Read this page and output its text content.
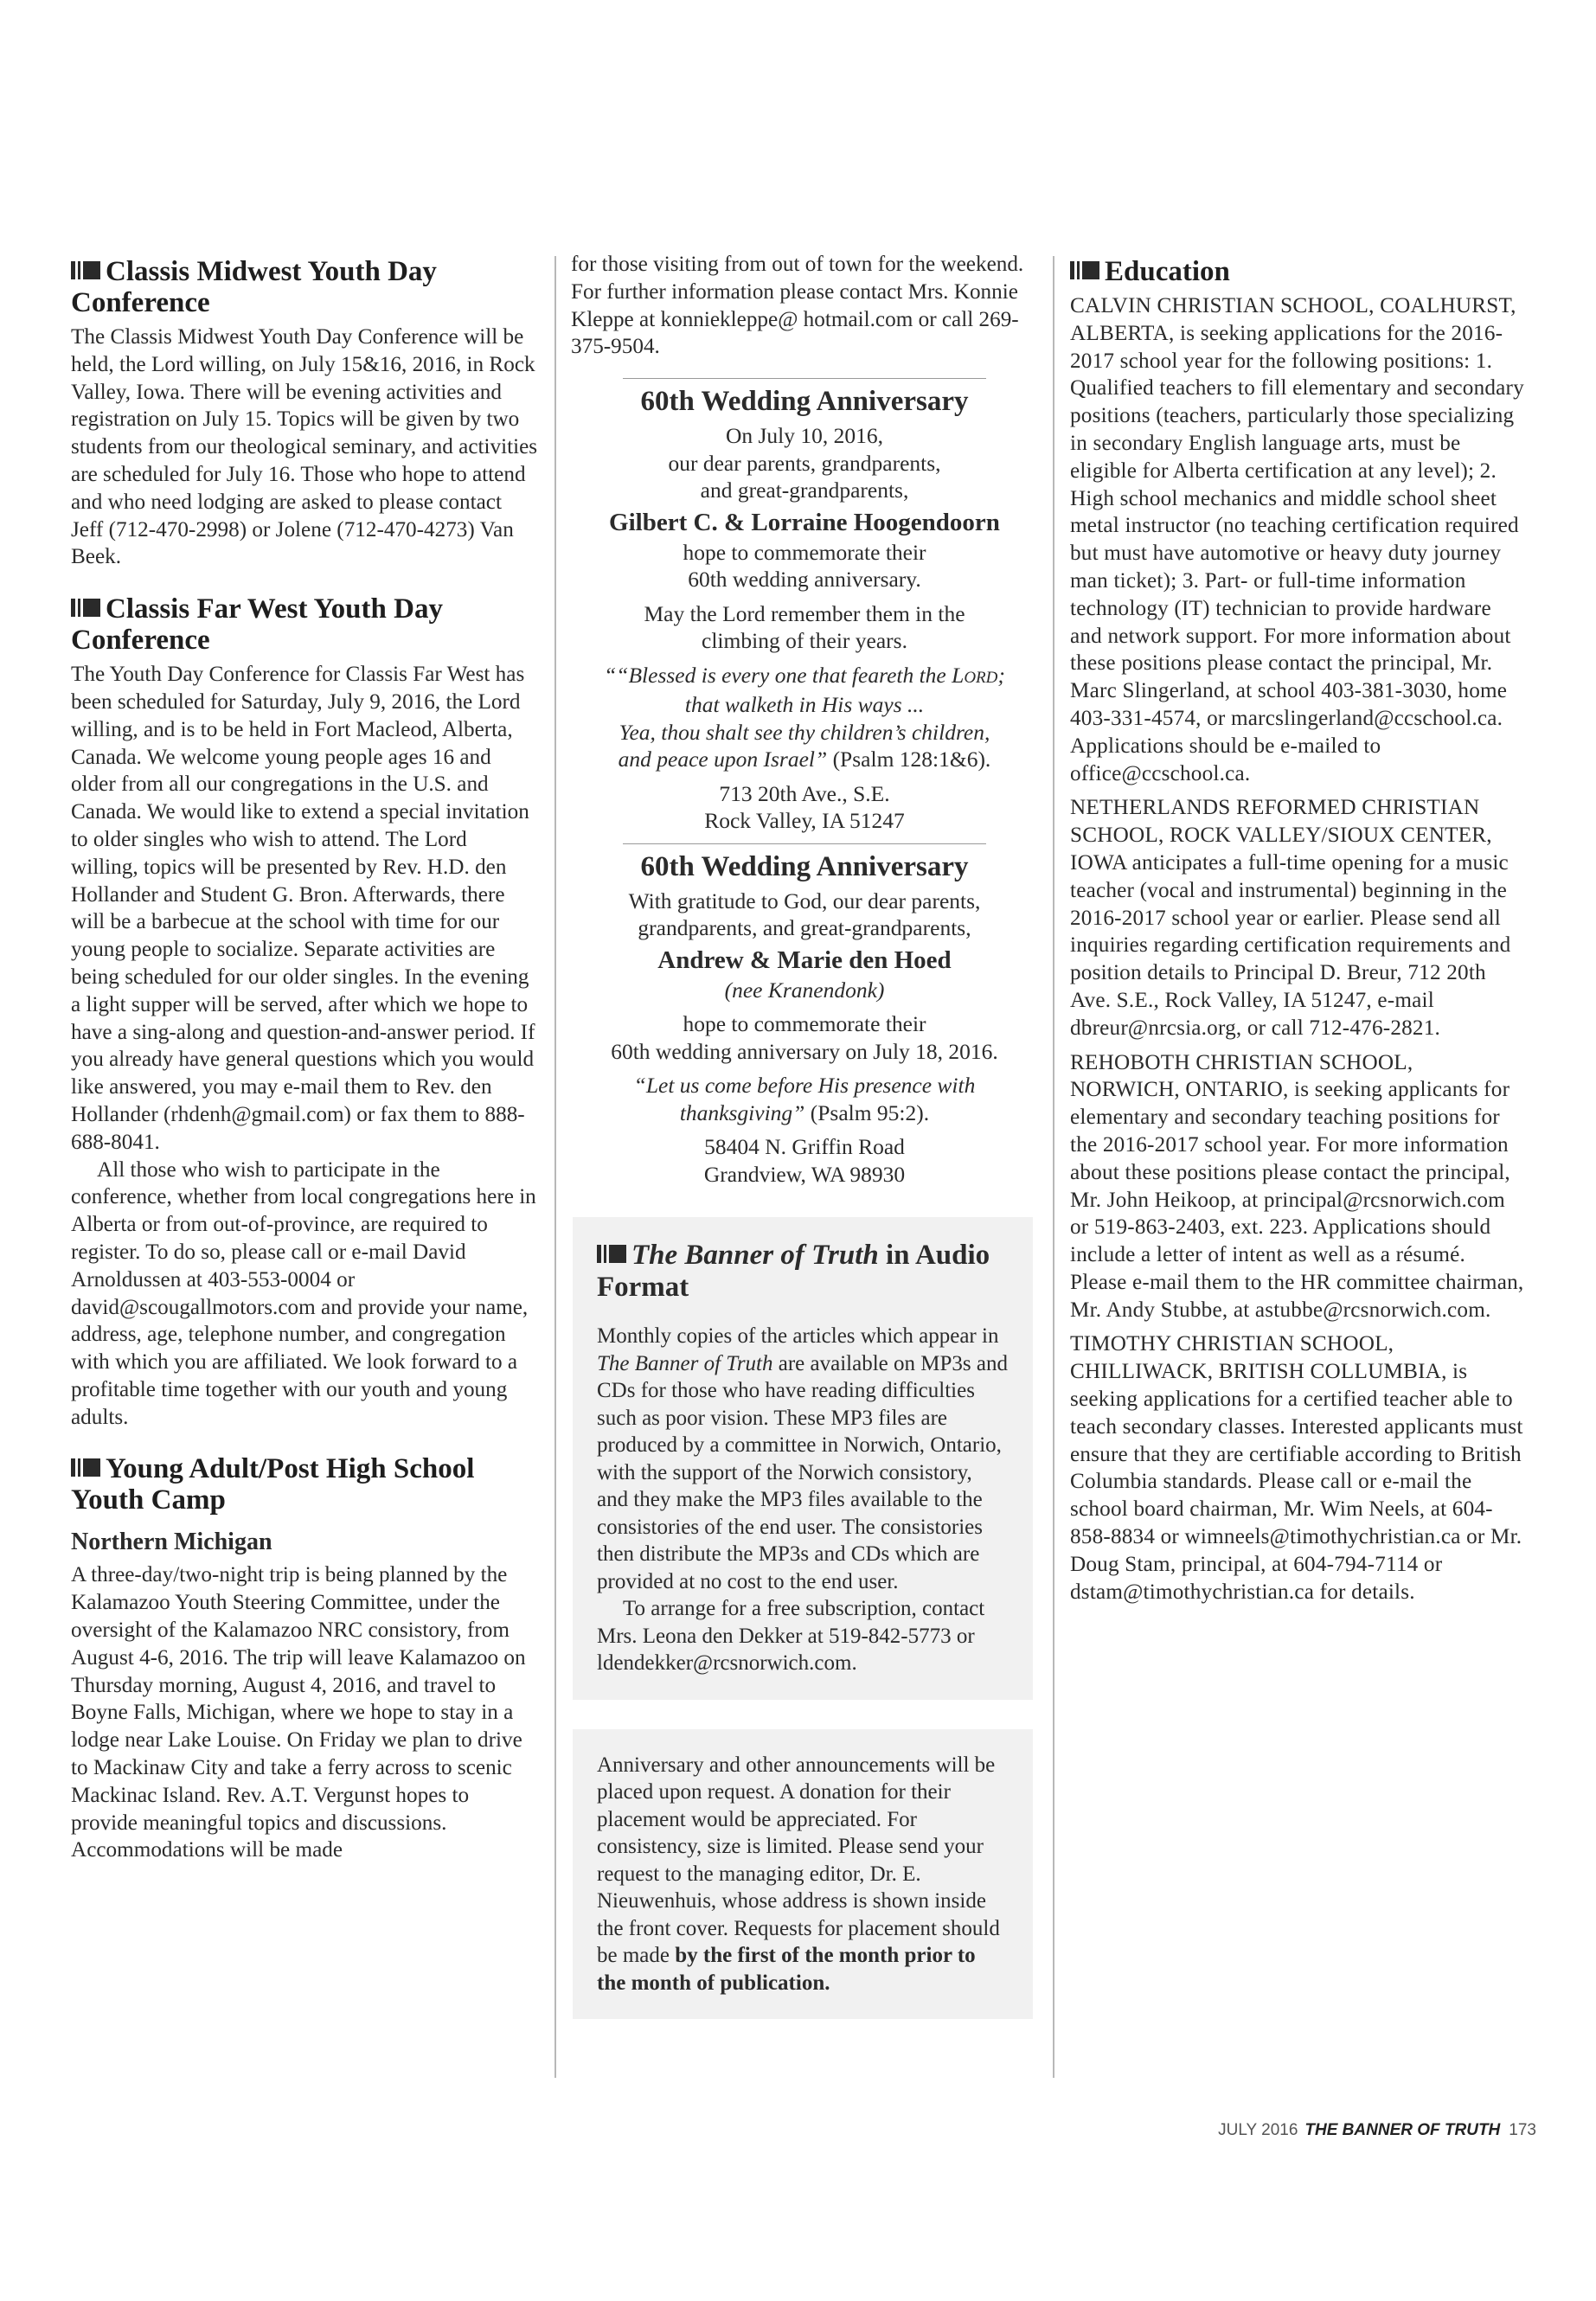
Classis Midwest Youth Day Conference

The Classis Midwest Youth Day Conference will be held, the Lord willing, on July 15&16, 2016, in Rock Valley, Iowa. There will be evening activities and registration on July 15. Topics will be given by two students from our theological seminary, and activities are scheduled for July 16. Those who hope to attend and who need lodging are asked to please contact Jeff (712-470-2998) or Jolene (712-470-4273) Van Beek.

Classis Far West Youth Day Conference

The Youth Day Conference for Classis Far West has been scheduled for Saturday, July 9, 2016, the Lord willing, and is to be held in Fort Macleod, Alberta, Canada. We welcome young people ages 16 and older from all our congregations in the U.S. and Canada. We would like to extend a special invitation to older singles who wish to attend. The Lord willing, topics will be presented by Rev. H.D. den Hollander and Student G. Bron. Afterwards, there will be a barbecue at the school with time for our young people to socialize. Separate activities are being scheduled for our older singles. In the evening a light supper will be served, after which we hope to have a sing-along and question-and-answer period. If you already have general questions which you would like answered, you may e-mail them to Rev. den Hollander (rhdenh@gmail.com) or fax them to 888-688-8041.

All those who wish to participate in the conference, whether from local congregations here in Alberta or from out-of-province, are required to register. To do so, please call or e-mail David Arnoldussen at 403-553-0004 or david@scougallmotors.com and provide your name, address, age, telephone number, and congregation with which you are affiliated. We look forward to a profitable time together with our youth and young adults.

Young Adult/Post High School Youth Camp
Northern Michigan

A three-day/two-night trip is being planned by the Kalamazoo Youth Steering Committee, under the oversight of the Kalamazoo NRC consistory, from August 4-6, 2016. The trip will leave Kalamazoo on Thursday morning, August 4, 2016, and travel to Boyne Falls, Michigan, where we hope to stay in a lodge near Lake Louise. On Friday we plan to drive to Mackinaw City and take a ferry across to scenic Mackinac Island. Rev. A.T. Vergunst hopes to provide meaningful topics and discussions. Accommodations will be made

for those visiting from out of town for the weekend. For further information please contact Mrs. Konnie Kleppe at konniekleppe@ hotmail.com or call 269-375-9504.

60th Wedding Anniversary

On July 10, 2016,

our dear parents, grandparents,

and great-grandparents,

Gilbert C. & Lorraine Hoogendoorn

hope to commemorate their

60th wedding anniversary.

May the Lord remember them in the

climbing of their years.

““Blessed is every one that feareth the LORD;

that walketh in His ways ...

Yea, thou shalt see thy children’s children,

and peace upon Israel” (Psalm 128:1&6).

713 20th Ave., S.E.

Rock Valley, IA 51247

60th Wedding Anniversary

With gratitude to God, our dear parents,

grandparents, and great-grandparents,

Andrew & Marie den Hoed

(nee Kranendonk)

hope to commemorate their

60th wedding anniversary on July 18, 2016.

“Let us come before His presence with

thanksgiving” (Psalm 95:2).

58404 N. Griffin Road

Grandview, WA 98930

The Banner of Truth in Audio Format

Monthly copies of the articles which appear in The Banner of Truth are available on MP3s and CDs for those who have reading difficulties such as poor vision. These MP3 files are produced by a committee in Norwich, Ontario, with the support of the Norwich consistory, and they make the MP3 files available to the consistories of the end user. The consistories then distribute the MP3s and CDs which are provided at no cost to the end user.

To arrange for a free subscription, contact Mrs. Leona den Dekker at 519-842-5773 or ldendekker@rcsnorwich.com.

Anniversary and other announcements will be placed upon request. A donation for their placement would be appreciated. For consistency, size is limited. Please send your request to the managing editor, Dr. E. Nieuwenhuis, whose address is shown inside the front cover. Requests for placement should be made by the first of the month prior to the month of publication.

Education

CALVIN CHRISTIAN SCHOOL, COALHURST, ALBERTA, is seeking applications for the 2016-2017 school year for the following positions: 1. Qualified teachers to fill elementary and secondary positions (teachers, particularly those specializing in secondary English language arts, must be eligible for Alberta certification at any level); 2. High school mechanics and middle school sheet metal instructor (no teaching certification required but must have automotive or heavy duty journey man ticket); 3. Part- or full-time information technology (IT) technician to provide hardware and network support. For more information about these positions please contact the principal, Mr. Marc Slingerland, at school 403-381-3030, home 403-331-4574, or marcslingerland@ccschool.ca. Applications should be e-mailed to office@ccschool.ca.

NETHERLANDS REFORMED CHRISTIAN SCHOOL, ROCK VALLEY/SIOUX CENTER, IOWA anticipates a full-time opening for a music teacher (vocal and instrumental) beginning in the 2016-2017 school year or earlier. Please send all inquiries regarding certification requirements and position details to Principal D. Breur, 712 20th Ave. S.E., Rock Valley, IA 51247, e-mail dbreur@nrcsia.org, or call 712-476-2821.

REHOBOTH CHRISTIAN SCHOOL, NORWICH, ONTARIO, is seeking applicants for elementary and secondary teaching positions for the 2016-2017 school year. For more information about these positions please contact the principal, Mr. John Heikoop, at principal@rcsnorwich.com or 519-863-2403, ext. 223. Applications should include a letter of intent as well as a résumé. Please e-mail them to the HR committee chairman, Mr. Andy Stubbe, at astubbe@rcsnorwich.com.

TIMOTHY CHRISTIAN SCHOOL, CHILLIWACK, BRITISH COLLUMBIA, is seeking applications for a certified teacher able to teach secondary classes. Interested applicants must ensure that they are certifiable according to British Columbia standards. Please call or e-mail the school board chairman, Mr. Wim Neels, at 604-858-8834 or wimneels@timothychristian.ca or Mr. Doug Stam, principal, at 604-794-7114 or dstam@timothychristian.ca for details.

JULY 2016 THE BANNER OF TRUTH 173
